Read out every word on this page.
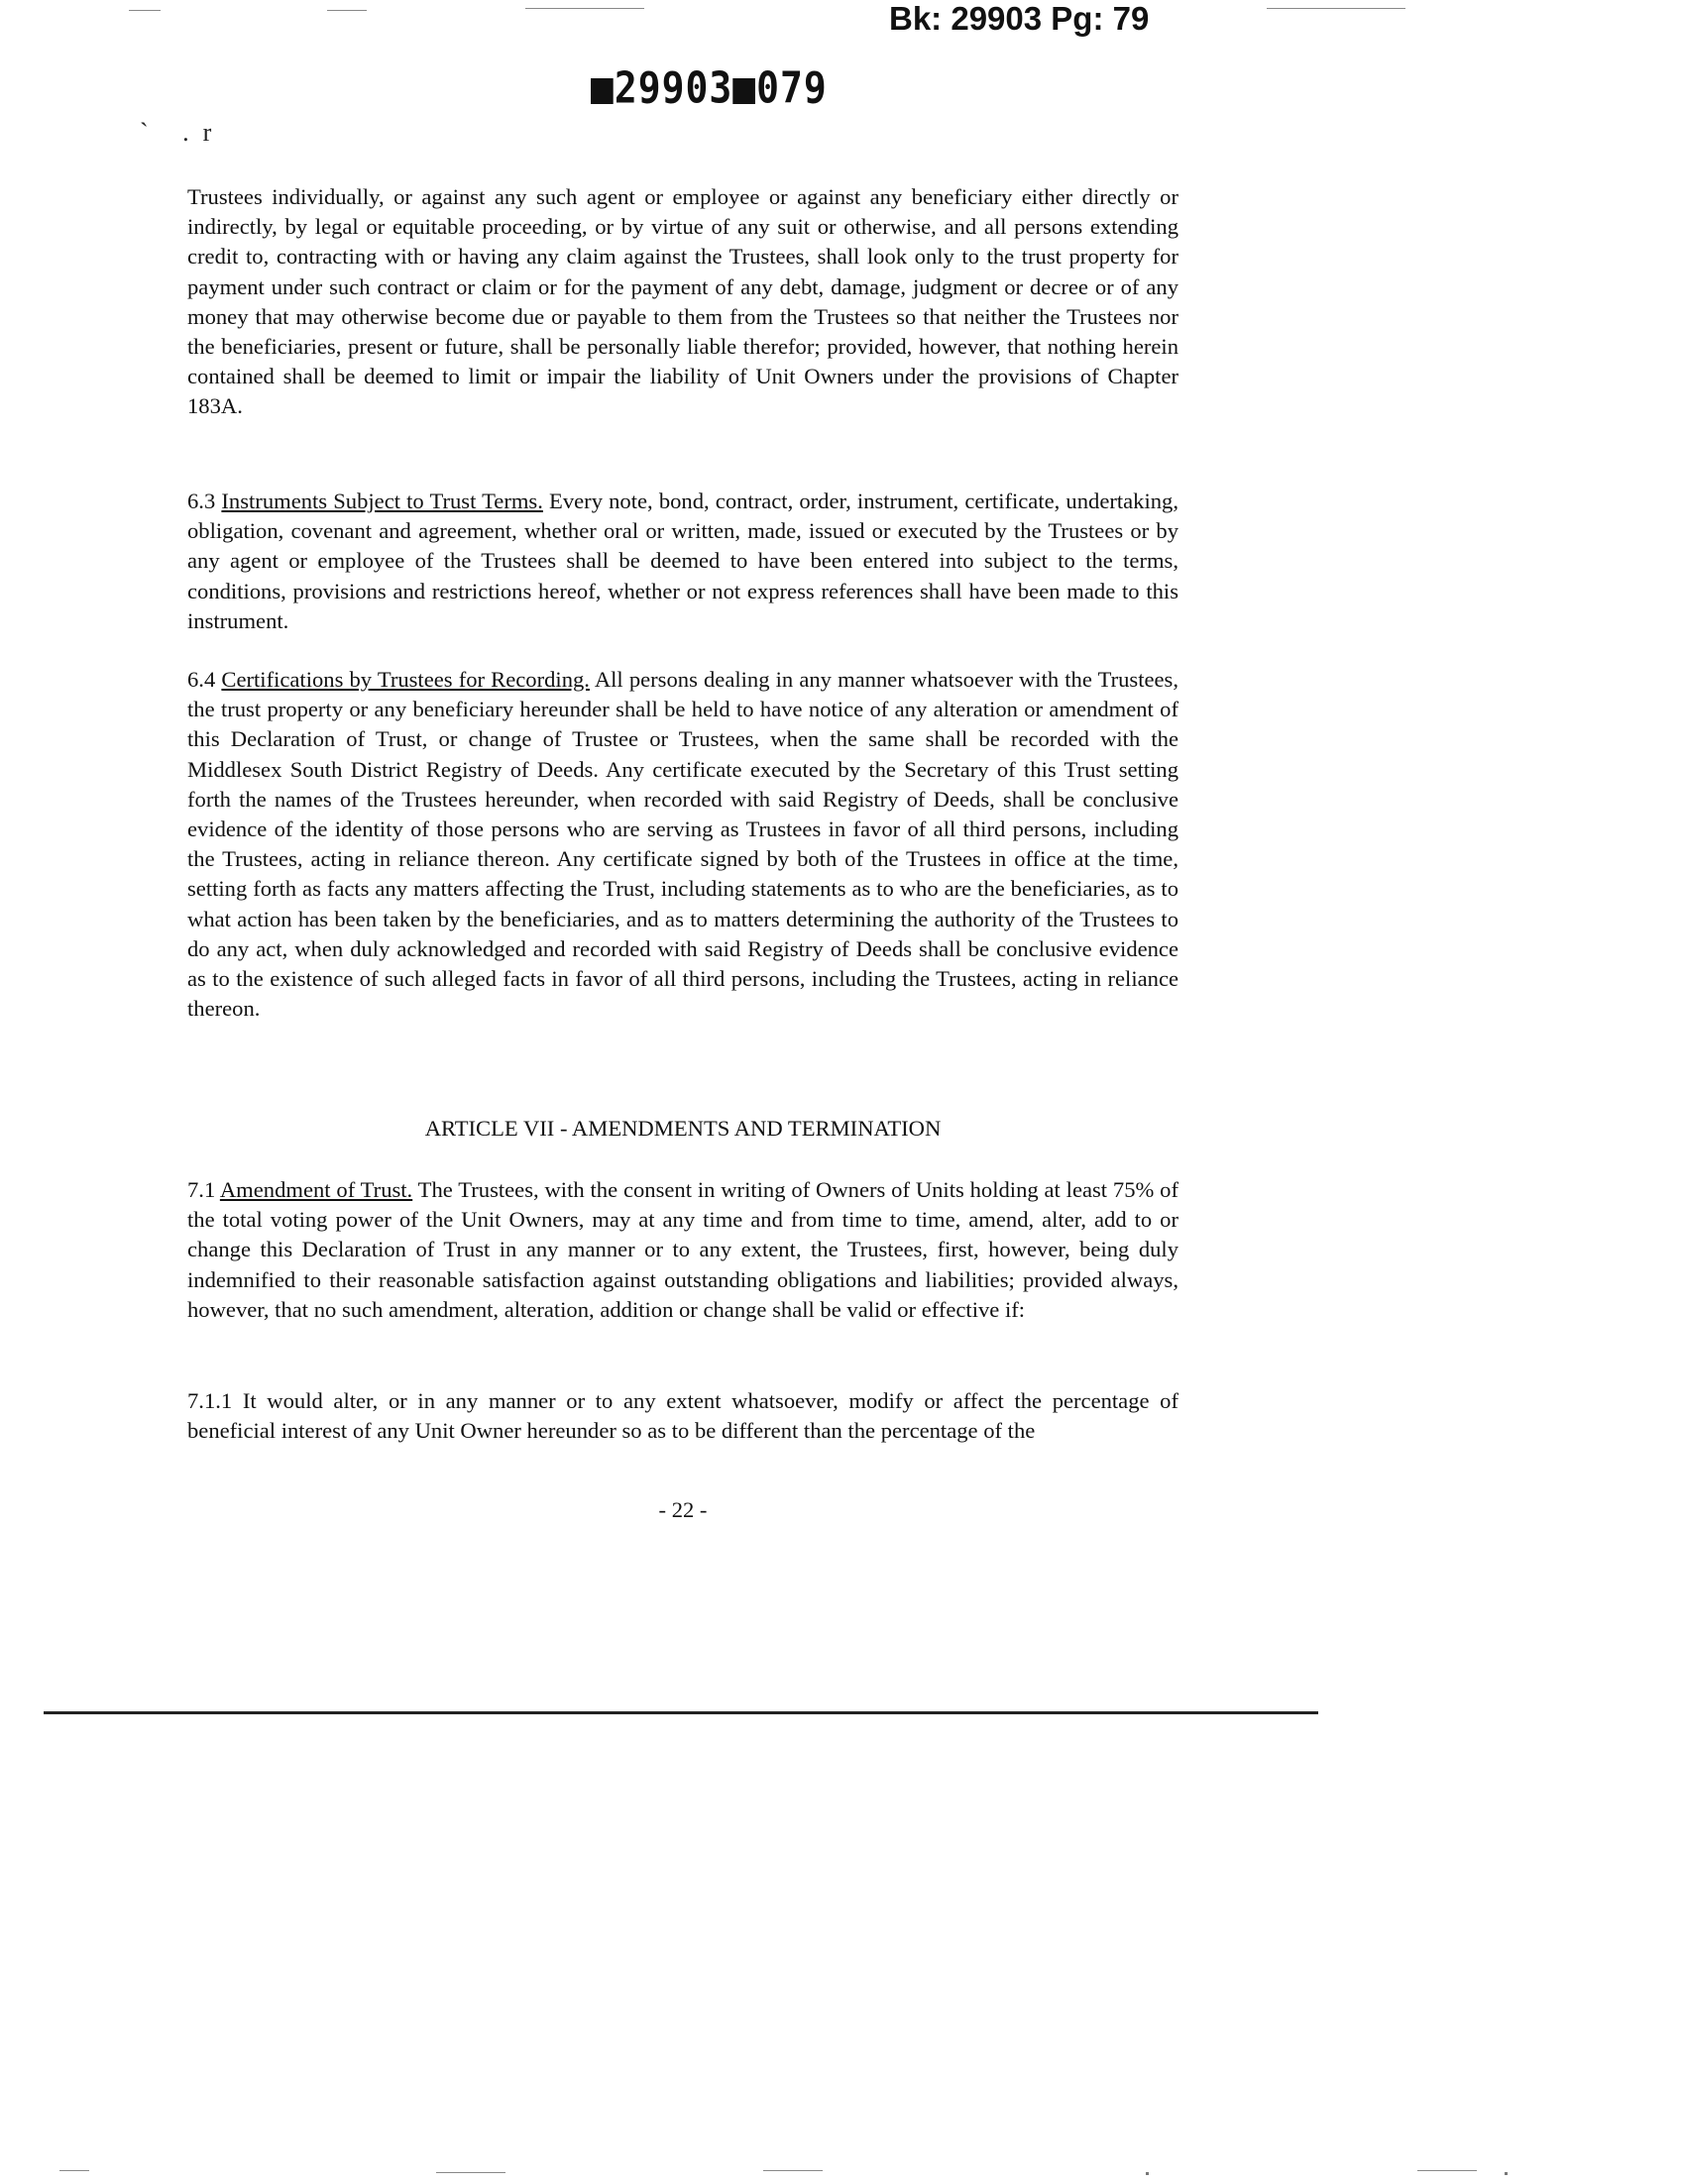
Bk: 29903 Pg: 79
■29903■079
` .r

Trustees individually, or against any such agent or employee or against any beneficiary either directly or indirectly, by legal or equitable proceeding, or by virtue of any suit or otherwise, and all persons extending credit to, contracting with or having any claim against the Trustees, shall look only to the trust property for payment under such contract or claim or for the payment of any debt, damage, judgment or decree or of any money that may otherwise become due or payable to them from the Trustees so that neither the Trustees nor the beneficiaries, present or future, shall be personally liable therefor; provided, however, that nothing herein contained shall be deemed to limit or impair the liability of Unit Owners under the provisions of Chapter 183A.

6.3 Instruments Subject to Trust Terms. Every note, bond, contract, order, instrument, certificate, undertaking, obligation, covenant and agreement, whether oral or written, made, issued or executed by the Trustees or by any agent or employee of the Trustees shall be deemed to have been entered into subject to the terms, conditions, provisions and restrictions hereof, whether or not express references shall have been made to this instrument.

6.4 Certifications by Trustees for Recording. All persons dealing in any manner whatsoever with the Trustees, the trust property or any beneficiary hereunder shall be held to have notice of any alteration or amendment of this Declaration of Trust, or change of Trustee or Trustees, when the same shall be recorded with the Middlesex South District Registry of Deeds. Any certificate executed by the Secretary of this Trust setting forth the names of the Trustees hereunder, when recorded with said Registry of Deeds, shall be conclusive evidence of the identity of those persons who are serving as Trustees in favor of all third persons, including the Trustees, acting in reliance thereon. Any certificate signed by both of the Trustees in office at the time, setting forth as facts any matters affecting the Trust, including statements as to who are the beneficiaries, as to what action has been taken by the beneficiaries, and as to matters determining the authority of the Trustees to do any act, when duly acknowledged and recorded with said Registry of Deeds shall be conclusive evidence as to the existence of such alleged facts in favor of all third persons, including the Trustees, acting in reliance thereon.

ARTICLE VII - AMENDMENTS AND TERMINATION

7.1 Amendment of Trust. The Trustees, with the consent in writing of Owners of Units holding at least 75% of the total voting power of the Unit Owners, may at any time and from time to time, amend, alter, add to or change this Declaration of Trust in any manner or to any extent, the Trustees, first, however, being duly indemnified to their reasonable satisfaction against outstanding obligations and liabilities; provided always, however, that no such amendment, alteration, addition or change shall be valid or effective if:

7.1.1 It would alter, or in any manner or to any extent whatsoever, modify or affect the percentage of beneficial interest of any Unit Owner hereunder so as to be different than the percentage of the

- 22 -
